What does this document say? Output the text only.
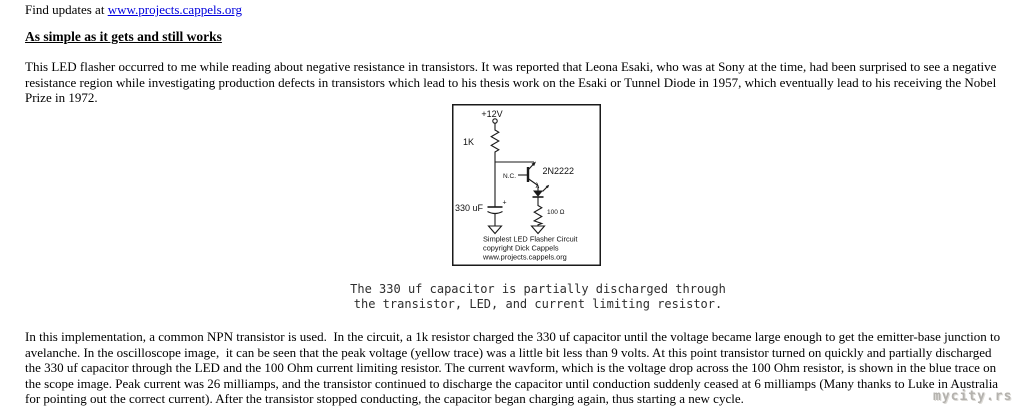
Find updates at www.projects.cappels.org
As simple as it gets and still works
This LED flasher occurred to me while reading about negative resistance in transistors. It was reported that Leona Esaki, who was at Sony at the time, had been surprised to see a negative resistance region while investigating production defects in transistors which lead to his thesis work on the Esaki or Tunnel Diode in 1957, which eventually lead to his receiving the Nobel Prize in 1972.
+12V
1K
N.C.
2N2222
λ
100 Ω
+
330 uF
Simplest LED Flasher Circuit
copyright Dick Cappels
www.projects.cappels.org
The 330 uf capacitor is partially discharged through
the transistor, LED, and current limiting resistor.
In this implementation, a common NPN transistor is used.  In the circuit, a 1k resistor charged the 330 uf capacitor until the voltage became large enough to get the emitter-base junction to avelanche. In the oscilloscope image,  it can be seen that the peak voltage (yellow trace) was a little bit less than 9 volts. At this point transistor turned on quickly and partially discharged the 330 uf capacitor through the LED and the 100 Ohm current limiting resistor. The current wavform, which is the voltage drop across the 100 Ohm resistor, is shown in the blue trace on the scope image. Peak current was 26 milliamps, and the transistor continued to discharge the capacitor until conduction suddenly ceased at 6 milliamps (Many thanks to Luke in Australia for pointing out the correct current). After the transistor stopped conducting, the capacitor began charging again, thus starting a new cycle.	mycity.rs
